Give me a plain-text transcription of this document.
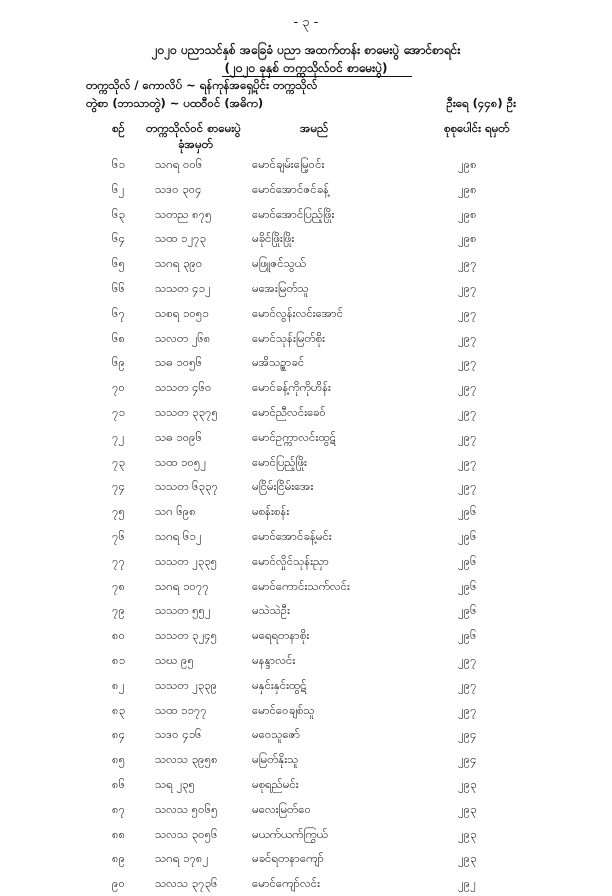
- ၃ -
၂၀၂၀ ပညာသင်နှစ် အခြေခံ ပညာ အထက်တန်း စာမေးပွဲ အောင်စာရင်း
(၂၀၂၀ ခုနှစ် တက္ကသိုလ်ဝင် စာမေးပွဲ)
တက္ကသိုလ် / ကောလိပ် ~ ရန်ကုန်အရှေ့ပိုင်း တက္ကသိုလ်
တွဲစာ (ဘာသာတွဲ) ~ ပထဝီဝင် (အဓိက)	ဦးရေ (၄၄၈) ဦး
စဉ် တက္ကသိုလ်ဝင် စာမေးပွဲ
ခုံအမှတ်
အမည်	စုစုပေါင်း ရမှတ်
၆၁	သဂရ ၀၀၆	မောင်ချမ်းမြေ့ဝင်း	၂၉၈
၆၂	သဒဝ ၃၀၄	မောင်အောင်ဇင်ခန့်	၂၉၈
၆၃	သတည ၈၇၅	မောင်အောင်ပြည့်ဖြိုး	၂၉၈
၆၄	သထ ၁၂၇၃	မခိုင်ဖြိုးဖြိုး	၂၉၈
၆၅	သဂရ ၃၉၀	မဖြူဇင်သွယ်	၂၉၇
၆၆	သသတ ၄၁၂	မအေးမြတ်သူ	၂၉၇
၆၇	သစရ ၁၀၅၁	မောင်လွန်းလင်းအောင်	၂၉၇
၆၈	သလတ ၂၆၈	မောင်သုန်းမြတ်စိုး	၂၉၇
၆၉	သဓ ၁၀၅၆	မအိသဥ္စာခင်	၂၉၇
၇၀	သသတ ၄၆၀	မောင်ခန့်ကိုကိုဟိန်း	၂၉၇
၇၁	သသတ ၃၃၇၅	မောင်ညီလင်းခေဝ်	၂၉၇
၇၂	သဓ ၁၀၉၆	မောင်ဥက္ကာလင်းထွဋ်	၂၉၇
၇၃	သထ ၁၀၅၂	မောင်ပြည့်ဖြိုး	၂၉၇
၇၄	သသတ ၆၃၃၇	မငြိမ်းငြိမ်းအေး	၂၉၇
၇၅	သဂ ၆၉၈	မစန်းစန်း	၂၉၆
၇၆	သဂရ ၆၁၂	မောင်အောင်ခန့်မင်း	၂၉၆
၇၇	သသတ ၂၃၃၅	မောင်လှိုင်သုန်းညှာ	၂၉၆
၇၈	သဂရ ၁၀၇၇	မောင်ကောင်းသက်လင်း	၂၉၆
၇၉	သသတ ၅၅၂	မသဲသဲဦး	၂၉၆
၈၀	သသတ ၃၂၄၅	မရေရတနာစိုး	၂၉၆
၈၁	သဃ ၉၅	မနန္ဒာလင်း	၂၉၇
၈၂	သသတ ၂၃၃၉	မနှင်းနှင်းထွဋ်	၂၉၇
၈၃	သထ ၁၁၇၇	မောင်ဝေချစ်သူ	၂၉၇
၈၄	သဒဝ ၄၁၆	မဝေသူဇော်	၂၉၄
၈၅	သလသ ၃၉၅၈	မမြတ်နိုးသူ	၂၉၄
၈၆	သရ ၂၃၅	မစုရည်မင်း	၂၉၃
၈၇	သလသ ၅၀၆၅	မလေးမြတ်ဝေ	၂၉၃
၈၈	သလသ ၃၀၅၆	မယက်ယက်ကြွယ်	၂၉၃
၈၉	သဂရ ၁၇၈၂	မခင်ရတနာကျော်	၂၉၃
၉၀	သလသ ၃၇၃၆	မောင်ကျော်လင်း	၂၉၂
